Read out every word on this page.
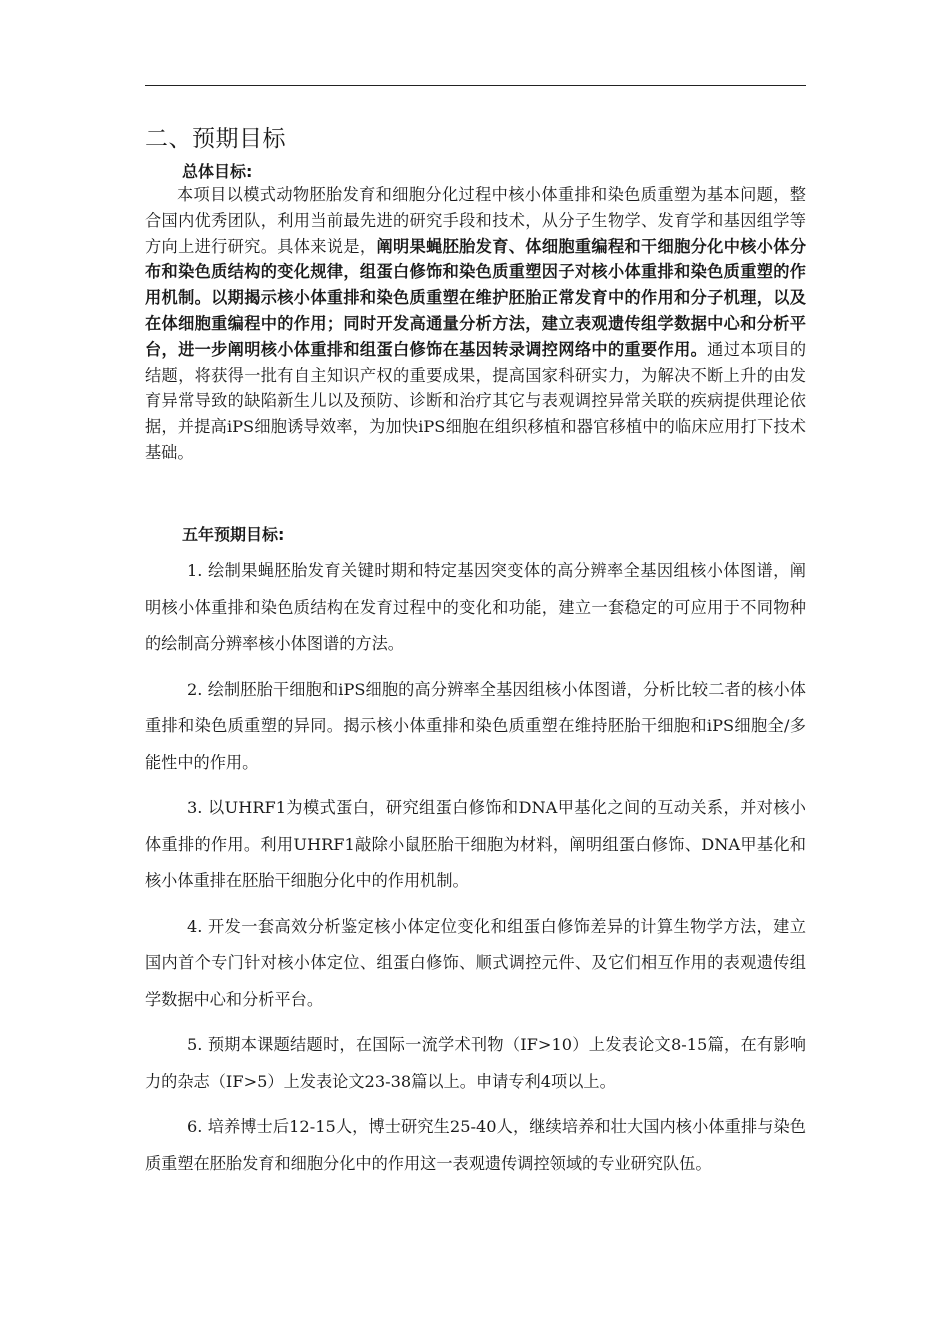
二、预期目标
总体目标:

本项目以模式动物胚胎发育和细胞分化过程中核小体重排和染色质重塑为基本问题，整合国内优秀团队，利用当前最先进的研究手段和技术，从分子生物学、发育学和基因组学等方向上进行研究。具体来说是，阐明果蝇胚胎发育、体细胞重编程和干细胞分化中核小体分布和染色质结构的变化规律，组蛋白修饰和染色质重塑因子对核小体重排和染色质重塑的作用机制。以期揭示核小体重排和染色质重塑在维护胚胎正常发育中的作用和分子机理，以及在体细胞重编程中的作用；同时开发高通量分析方法，建立表观遗传组学数据中心和分析平台，进一步阐明核小体重排和组蛋白修饰在基因转录调控网络中的重要作用。通过本项目的结题，将获得一批有自主知识产权的重要成果，提高国家科研实力，为解决不断上升的由发育异常导致的缺陷新生儿以及预防、诊断和治疗其它与表观调控异常关联的疾病提供理论依据，并提高iPS细胞诱导效率，为加快iPS细胞在组织移植和器官移植中的临床应用打下技术基础。

五年预期目标:
1. 绘制果蝇胚胎发育关键时期和特定基因突变体的高分辨率全基因组核小体图谱，阐明核小体重排和染色质结构在发育过程中的变化和功能，建立一套稳定的可应用于不同物种的绘制高分辨率核小体图谱的方法。
2. 绘制胚胎干细胞和iPS细胞的高分辨率全基因组核小体图谱，分析比较二者的核小体重排和染色质重塑的异同。揭示核小体重排和染色质重塑在维持胚胎干细胞和iPS细胞全/多能性中的作用。
3. 以UHRF1为模式蛋白，研究组蛋白修饰和DNA甲基化之间的互动关系，并对核小体重排的作用。利用UHRF1敲除小鼠胚胎干细胞为材料，阐明组蛋白修饰、DNA甲基化和核小体重排在胚胎干细胞分化中的作用机制。
4. 开发一套高效分析鉴定核小体定位变化和组蛋白修饰差异的计算生物学方法，建立国内首个专门针对核小体定位、组蛋白修饰、顺式调控元件、及它们相互作用的表观遗传组学数据中心和分析平台。
5. 预期本课题结题时，在国际一流学术刊物（IF>10）上发表论文8-15篇，在有影响力的杂志（IF>5）上发表论文23-38篇以上。申请专利4项以上。
6. 培养博士后12-15人，博士研究生25-40人，继续培养和壮大国内核小体重排与染色质重塑在胚胎发育和细胞分化中的作用这一表观遗传调控领域的专业研究队伍。
